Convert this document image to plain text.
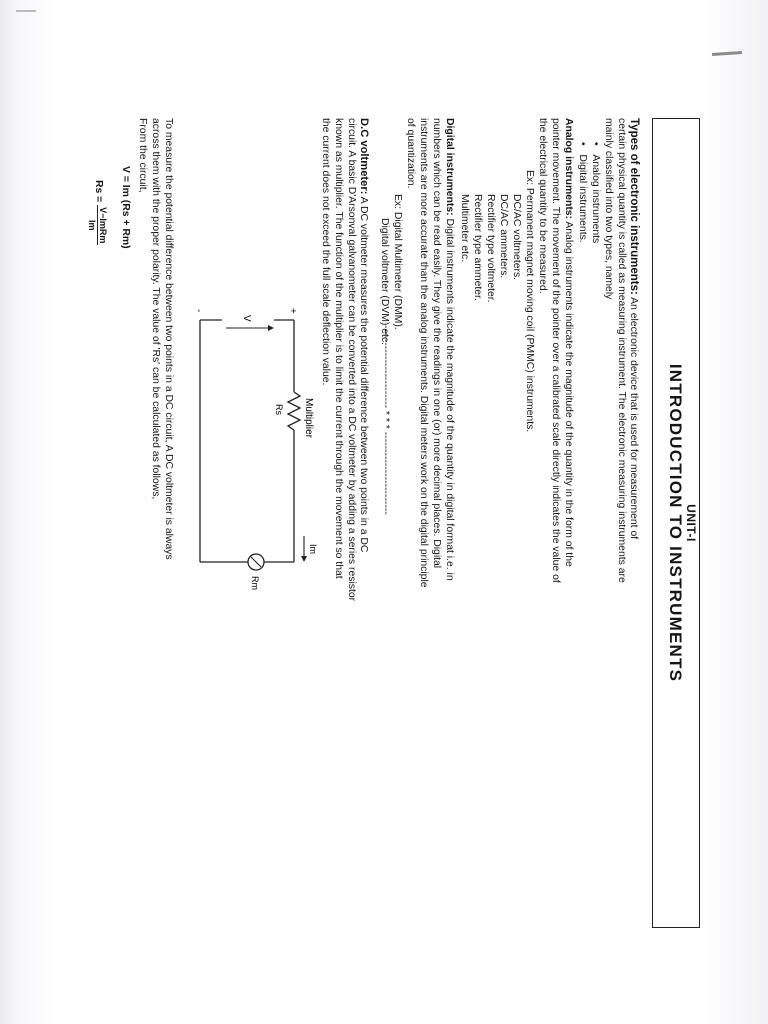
UNIT-I
INTRODUCTION TO INSTRUMENTS
Types of electronic instruments: An electronic device that is used for measurement of
certain physical quantity is called as measuring instrument. The electronic measuring instruments are
mainly classified into two types, namely
•   Analog instruments
•   Digital instruments.
Analog instruments: Analog instruments indicate the magnitude of the quantity in the form of the
pointer movement. The movement of the pointer over a calibrated scale directly indicates the value of
the electrical quantity to be measured.
Ex: Permanent magnet moving coil (PMMC) instruments.
DC/AC voltmeters.
DC/AC ammeters.
Rectifier type voltmeter.
Rectifier type ammeter.
Multimeter etc.
Digital instruments: Digital instruments indicate the magnitude of the quantity in digital format i.e. in
numbers which can be read easily. They give the readings in one (or) more decimal places. Digital
instruments are more accurate than the analog instruments. Digital meters work on the digital principle
of quantization.
Ex: Digital Multimeter (DMM).
Digital voltmeter (DVM) etc.
------------------------ * * * ------------------------
D.C voltmeter: A DC voltmeter measures the potential difference between two points in a DC
circuit. A basic D'Arsonval galvanometer can be converted into a DC voltmeter by adding a series resistor
known as multiplier. The function of the multiplier is to limit the current through the movement so that
the current does not exceed the full scale deflection value.
Multiplier
Rs
Im
Rm
+
-
V
To measure the potential difference between two points in a DC circuit, A DC voltmeter is always
across them with the proper polarity. The value of 'Rs' can be calculated as follows,
From the circuit,
V = Im (Rs + Rm)
Rs =
V−ImRm
Im
